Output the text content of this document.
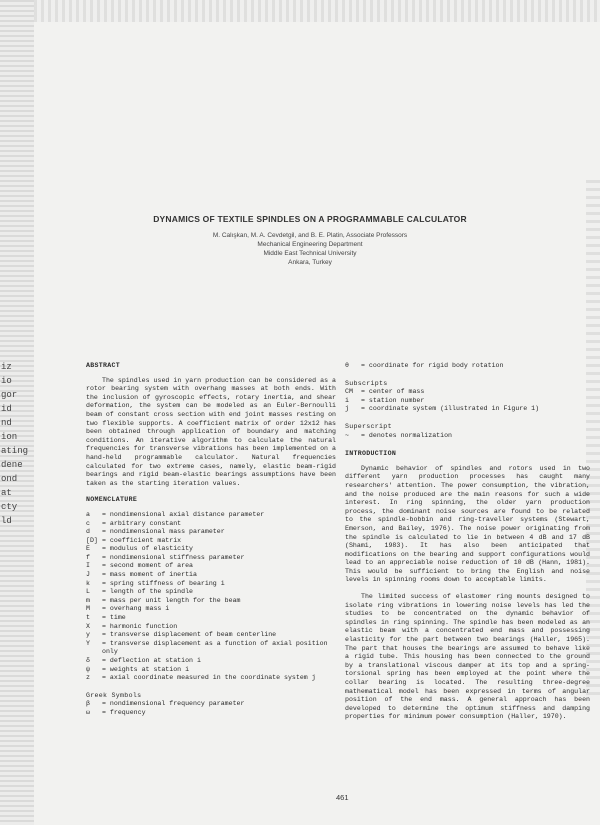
iz
io
gor
id
nd
ion
ating
dene
ond
at
cty
ld
DYNAMICS OF TEXTILE SPINDLES ON A PROGRAMMABLE CALCULATOR
M. Calışkan, M. A. Cevdetgil, and B. E. Platin, Associate Professors
Mechanical Engineering Department
Middle East Technical University
Ankara, Turkey
ABSTRACT
The spindles used in yarn production can be considered as a rotor bearing system with overhang masses at both ends. With the inclusion of gyroscopic effects, rotary inertia, and shear deformation, the system can be modeled as an Euler-Bernoulli beam of constant cross section with end joint masses resting on two flexible supports. A coefficient matrix of order 12x12 has been obtained through application of boundary and matching conditions. An iterative algorithm to calculate the natural frequencies for transverse vibrations has been implemented on a hand-held programmable calculator. Natural frequencies calculated for two extreme cases, namely, elastic beam-rigid bearings and rigid beam-elastic bearings assumptions have been taken as the starting iteration values.
NOMENCLATURE
a	= nondimensional axial distance parameter
c	= arbitrary constant
d	= nondimensional mass parameter
[D] = coefficient matrix
E	= modulus of elasticity
f	= nondimensional stiffness parameter
I	= second moment of area
J	= mass moment of inertia
k	= spring stiffness of bearing i
L	= length of the spindle
m	= mass per unit length for the beam
M	= overhang mass i
t	= time
X	= harmonic function
y	= transverse displacement of beam centerline
Y	= transverse displacement as a function of axial position only
δ	= deflection at station i
ψ	= weights at station i
z	= axial coordinate measured in the coordinate system j
Greek Symbols
β	= nondimensional frequency parameter
ω	= frequency
θ	= coordinate for rigid body rotation
Subscripts
CM	= center of mass
i	= station number
j	= coordinate system (illustrated in Figure 1)
Superscript
~	= denotes normalization
INTRODUCTION
Dynamic behavior of spindles and rotors used in two different yarn production processes has caught many researchers' attention. The power consumption, the vibration, and the noise produced are the main reasons for such a wide interest. In ring spinning, the older yarn production process, the dominant noise sources are found to be related to the spindle-bobbin and ring-traveller systems (Stewart, Emerson, and Bailey, 1976). The noise power originating from the spindle is calculated to lie in between 4 dB and 17 dB (Shami, 1983). It has also been anticipated that modifications on the bearing and support configurations would lead to an appreciable noise reduction of 10 dB (Hann, 1981). This would be sufficient to bring the English and noise levels in spinning rooms down to acceptable limits.
The limited success of elastomer ring mounts designed to isolate ring vibrations in lowering noise levels has led the studies to be concentrated on the dynamic behavior of spindles in ring spinning. The spindle has been modeled as an elastic beam with a concentrated end mass and possessing elasticity for the part between two bearings (Haller, 1965). The part that houses the bearings are assumed to behave like a rigid tube. This housing has been connected to the ground by a translational viscous damper at its top and a spring-torsional spring has been employed at the point where the collar bearing is located. The resulting three-degree mathematical model has been expressed in terms of angular position of the end mass. A general approach has been developed to determine the optimum stiffness and damping properties for minimum power consumption (Haller, 1970).
461
